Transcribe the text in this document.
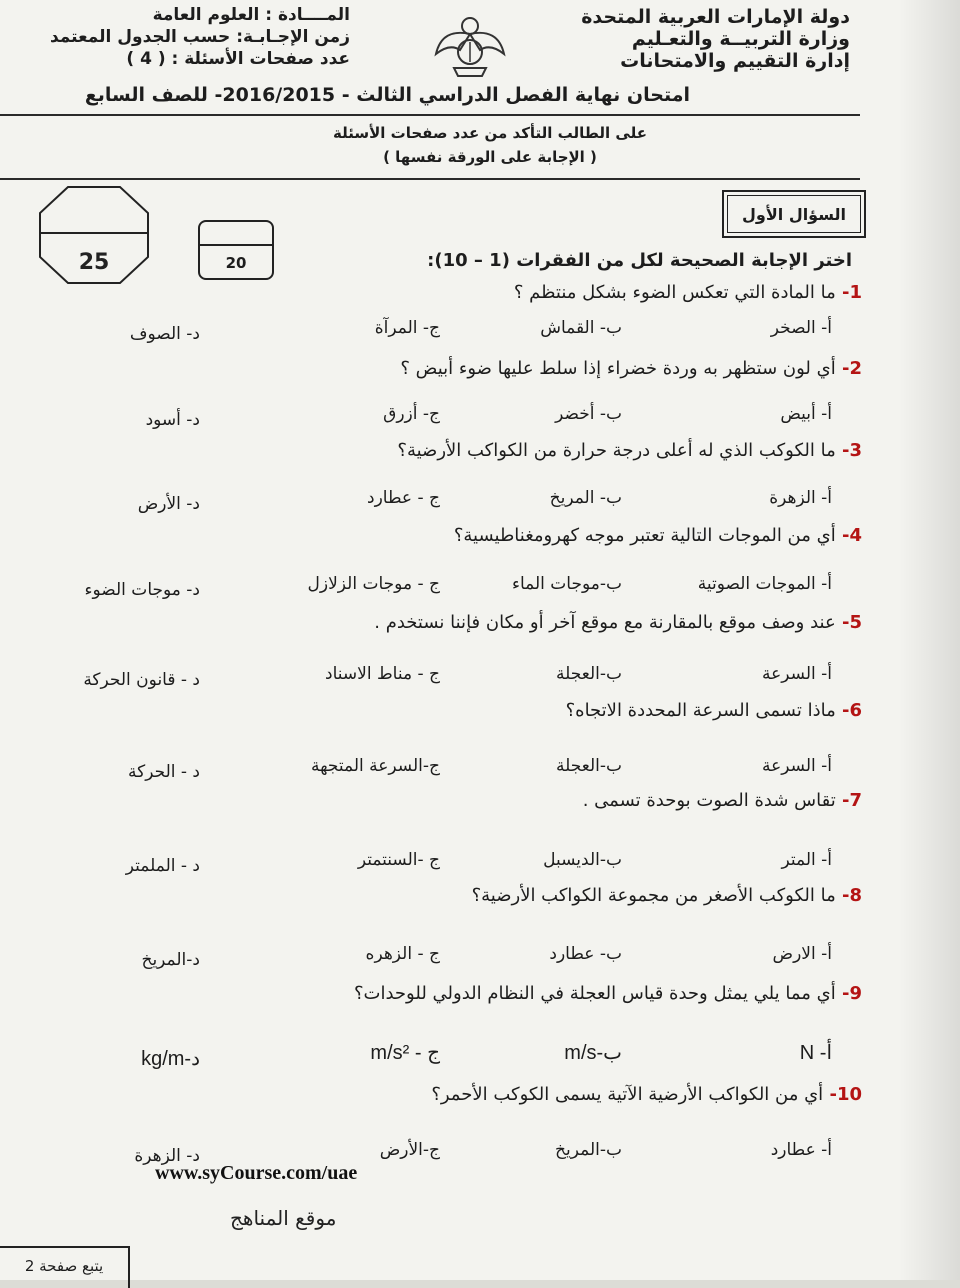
دولة الإمارات العربية المتحدة
وزارة التربيــة والتعـليم
إدارة التقييم والامتحانات
المــــادة : العلوم العامة
زمن الإجـابـة: حسب الجدول المعتمد
عدد صفحات الأسئلة : ( 4 )
امتحان نهاية الفصل الدراسي الثالث - 2016/2015- للصف السابع
على الطالب التأكد من عدد صفحات الأسئلة
( الإجابة على الورقة نفسها )
25	20
السؤال الأول
اختر الإجابة الصحيحة لكل من الفقرات (1 – 10):
1- ما المادة التي تعكس الضوء بشكل منتظم ؟
أ- الصخر
ب- القماش
ج- المرآة
د- الصوف
2- أي لون ستظهر به وردة خضراء إذا سلط عليها ضوء أبيض ؟
أ- أبيض
ب- أخضر
ج- أزرق
د- أسود
3- ما الكوكب الذي له أعلى درجة حرارة من الكواكب الأرضية؟
أ- الزهرة
ب- المريخ
ج - عطارد
د- الأرض
4- أي من الموجات التالية تعتبر موجه كهرومغناطيسية؟
أ- الموجات الصوتية
ب-موجات الماء
ج - موجات الزلازل
د- موجات الضوء
5- عند وصف موقع بالمقارنة مع موقع آخر أو مكان فإننا نستخدم .
أ- السرعة
ب-العجلة
ج - مناط الاسناد
د - قانون الحركة
6- ماذا تسمى السرعة المحددة الاتجاه؟
أ- السرعة
ب-العجلة
ج-السرعة المتجهة
د - الحركة
7- تقاس شدة الصوت بوحدة تسمى .
أ- المتر
ب-الديسبل
ج -السنتمتر
د - الملمتر
8- ما الكوكب الأصغر من مجموعة الكواكب الأرضية؟
أ- الارض
ب- عطارد
ج - الزهره
د-المريخ
9- أي مما يلي يمثل وحدة قياس العجلة في النظام الدولي للوحدات؟
N -أ
m/s-ب
m/s² - ج
kg/m-د
10- أي من الكواكب الأرضية الآتية يسمى الكوكب الأحمر؟
أ- عطارد
ب-المريخ
ج-الأرض
د- الزهرة
www.syCourse.com/uae
موقع المناهج
يتبع صفحة 2
